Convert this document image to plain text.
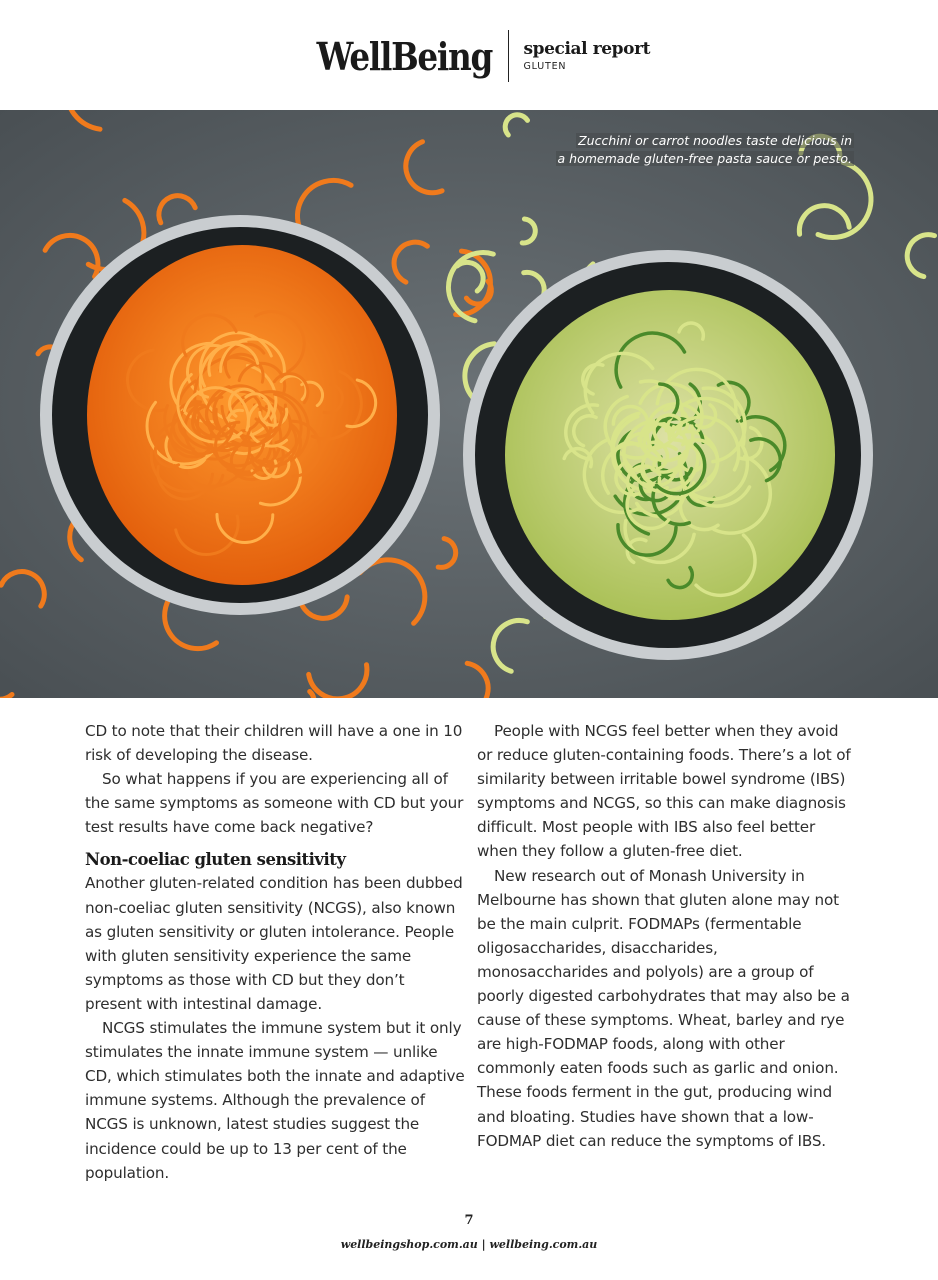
WellBeing special report
GLUTEN
Zucchini or carrot noodles taste delicious in
a homemade gluten-free pasta sauce or pesto.

CD to note that their children will have a one in 10 risk of developing the disease.

So what happens if you are experiencing all of the same symptoms as someone with CD but your test results have come back negative?

Non-coeliac gluten sensitivity

Another gluten-related condition has been dubbed non-coeliac gluten sensitivity (NCGS), also known as gluten sensitivity or gluten intolerance. People with gluten sensitivity experience the same symptoms as those with CD but they don’t present with intestinal damage.

NCGS stimulates the immune system but it only stimulates the innate immune system — unlike CD, which stimulates both the innate and adaptive immune systems. Although the prevalence of NCGS is unknown, latest studies suggest the incidence could be up to 13 per cent of the population.

People with NCGS feel better when they avoid or reduce gluten-containing foods. There’s a lot of similarity between irritable bowel syndrome (IBS) symptoms and NCGS, so this can make diagnosis difficult. Most people with IBS also feel better when they follow a gluten-free diet.

New research out of Monash University in Melbourne has shown that gluten alone may not be the main culprit. FODMAPs (fermentable oligosaccharides, disaccharides, monosaccharides and polyols) are a group of poorly digested carbohydrates that may also be a cause of these symptoms. Wheat, barley and rye are high-FODMAP foods, along with other commonly eaten foods such as garlic and onion. These foods ferment in the gut, producing wind and bloating. Studies have shown that a low-FODMAP diet can reduce the symptoms of IBS.

7
wellbeingshop.com.au | wellbeing.com.au
